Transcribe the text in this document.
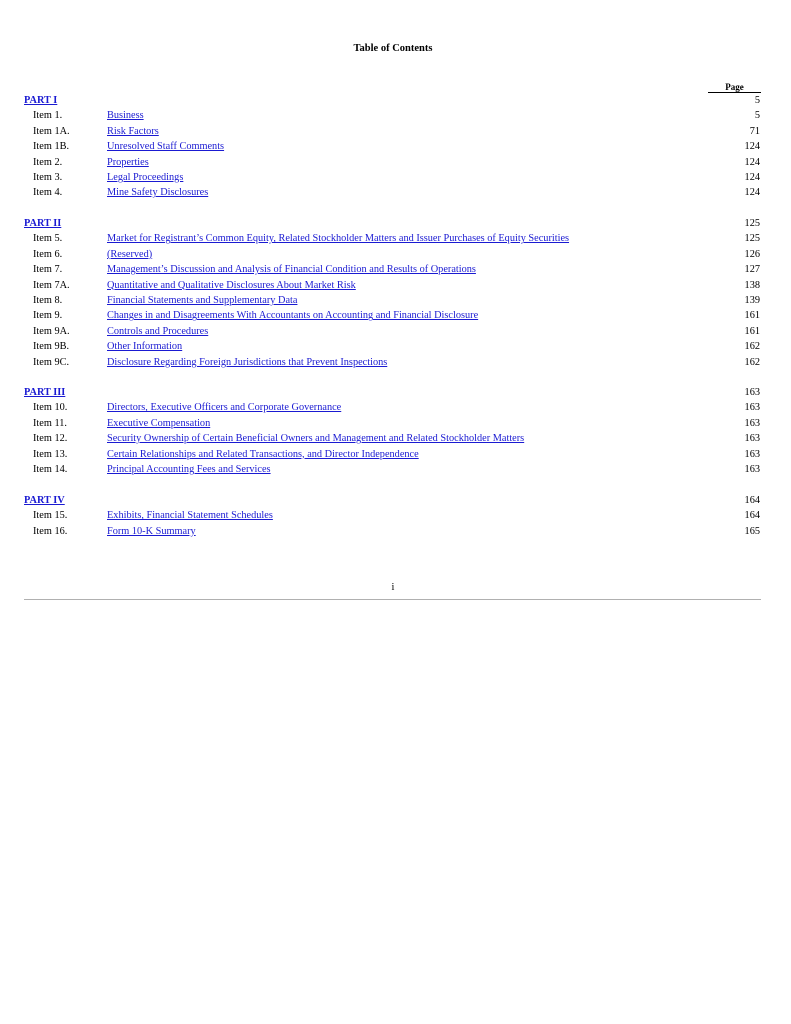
Table of Contents
Page
PART I	5
Item 1.	Business	5
Item 1A.	Risk Factors	71
Item 1B.	Unresolved Staff Comments	124
Item 2.	Properties	124
Item 3.	Legal Proceedings	124
Item 4.	Mine Safety Disclosures	124
PART II	125
Item 5.	Market for Registrant’s Common Equity, Related Stockholder Matters and Issuer Purchases of Equity Securities	125
Item 6.	(Reserved)	126
Item 7.	Management’s Discussion and Analysis of Financial Condition and Results of Operations	127
Item 7A.	Quantitative and Qualitative Disclosures About Market Risk	138
Item 8.	Financial Statements and Supplementary Data	139
Item 9.	Changes in and Disagreements With Accountants on Accounting and Financial Disclosure	161
Item 9A.	Controls and Procedures	161
Item 9B.	Other Information	162
Item 9C.	Disclosure Regarding Foreign Jurisdictions that Prevent Inspections	162
PART III	163
Item 10.	Directors, Executive Officers and Corporate Governance	163
Item 11.	Executive Compensation	163
Item 12.	Security Ownership of Certain Beneficial Owners and Management and Related Stockholder Matters	163
Item 13.	Certain Relationships and Related Transactions, and Director Independence	163
Item 14.	Principal Accounting Fees and Services	163
PART IV	164
Item 15.	Exhibits, Financial Statement Schedules	164
Item 16.	Form 10-K Summary	165
i
